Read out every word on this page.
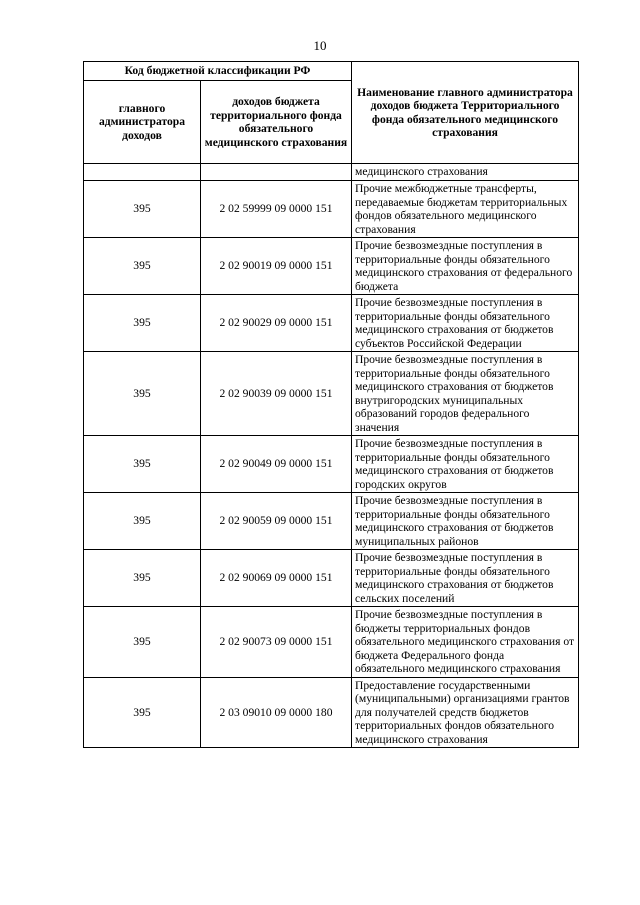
10
Код бюджетной классификации РФ		Наименование главного администратора доходов бюджета Территориального фонда обязательного медицинского страхования
главного администратора доходов	доходов бюджета территориального фонда обязательного медицинского страхования	
		медицинского страхования
395	2 02 59999 09 0000 151	Прочие межбюджетные трансферты, передаваемые бюджетам территориальных фондов обязательного медицинского страхования
395	2 02 90019 09 0000 151	Прочие безвозмездные поступления в территориальные фонды обязательного медицинского страхования от федерального бюджета
395	2 02 90029 09 0000 151	Прочие безвозмездные поступления в территориальные фонды обязательного медицинского страхования от бюджетов субъектов Российской Федерации
395	2 02 90039 09 0000 151	Прочие безвозмездные поступления в территориальные фонды обязательного медицинского страхования от бюджетов внутригородских муниципальных образований городов федерального значения
395	2 02 90049 09 0000 151	Прочие безвозмездные поступления в территориальные фонды обязательного медицинского страхования от бюджетов городских округов
395	2 02 90059 09 0000 151	Прочие безвозмездные поступления в территориальные фонды обязательного медицинского страхования от бюджетов муниципальных районов
395	2 02 90069 09 0000 151	Прочие безвозмездные поступления в территориальные фонды обязательного медицинского страхования от бюджетов сельских поселений
395	2 02 90073 09 0000 151	Прочие безвозмездные поступления в бюджеты территориальных фондов обязательного медицинского страхования от бюджета Федерального фонда обязательного медицинского страхования
395	2 03 09010 09 0000 180	Предоставление государственными (муниципальными) организациями грантов для получателей средств бюджетов территориальных фондов обязательного медицинского страхования
